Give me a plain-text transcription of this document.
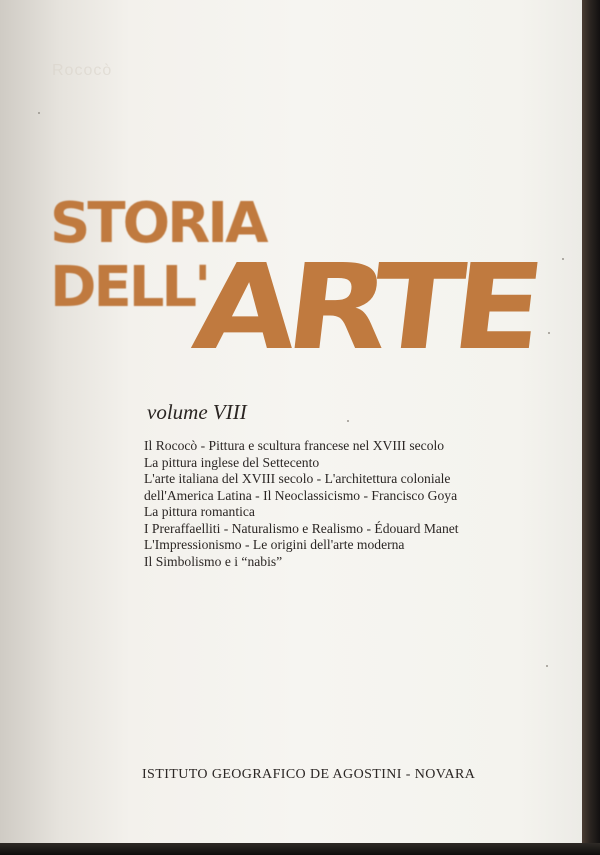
Rococò
STORIA
DELL'
ARTE
volume VIII
Il Rococò - Pittura e scultura francese nel XVIII secolo
La pittura inglese del Settecento
L'arte italiana del XVIII secolo - L'architettura coloniale
dell'America Latina - Il Neoclassicismo - Francisco Goya
La pittura romantica
I Preraffaelliti - Naturalismo e Realismo - Édouard Manet
L'Impressionismo - Le origini dell'arte moderna
Il Simbolismo e i “nabis”
ISTITUTO GEOGRAFICO DE AGOSTINI - NOVARA
